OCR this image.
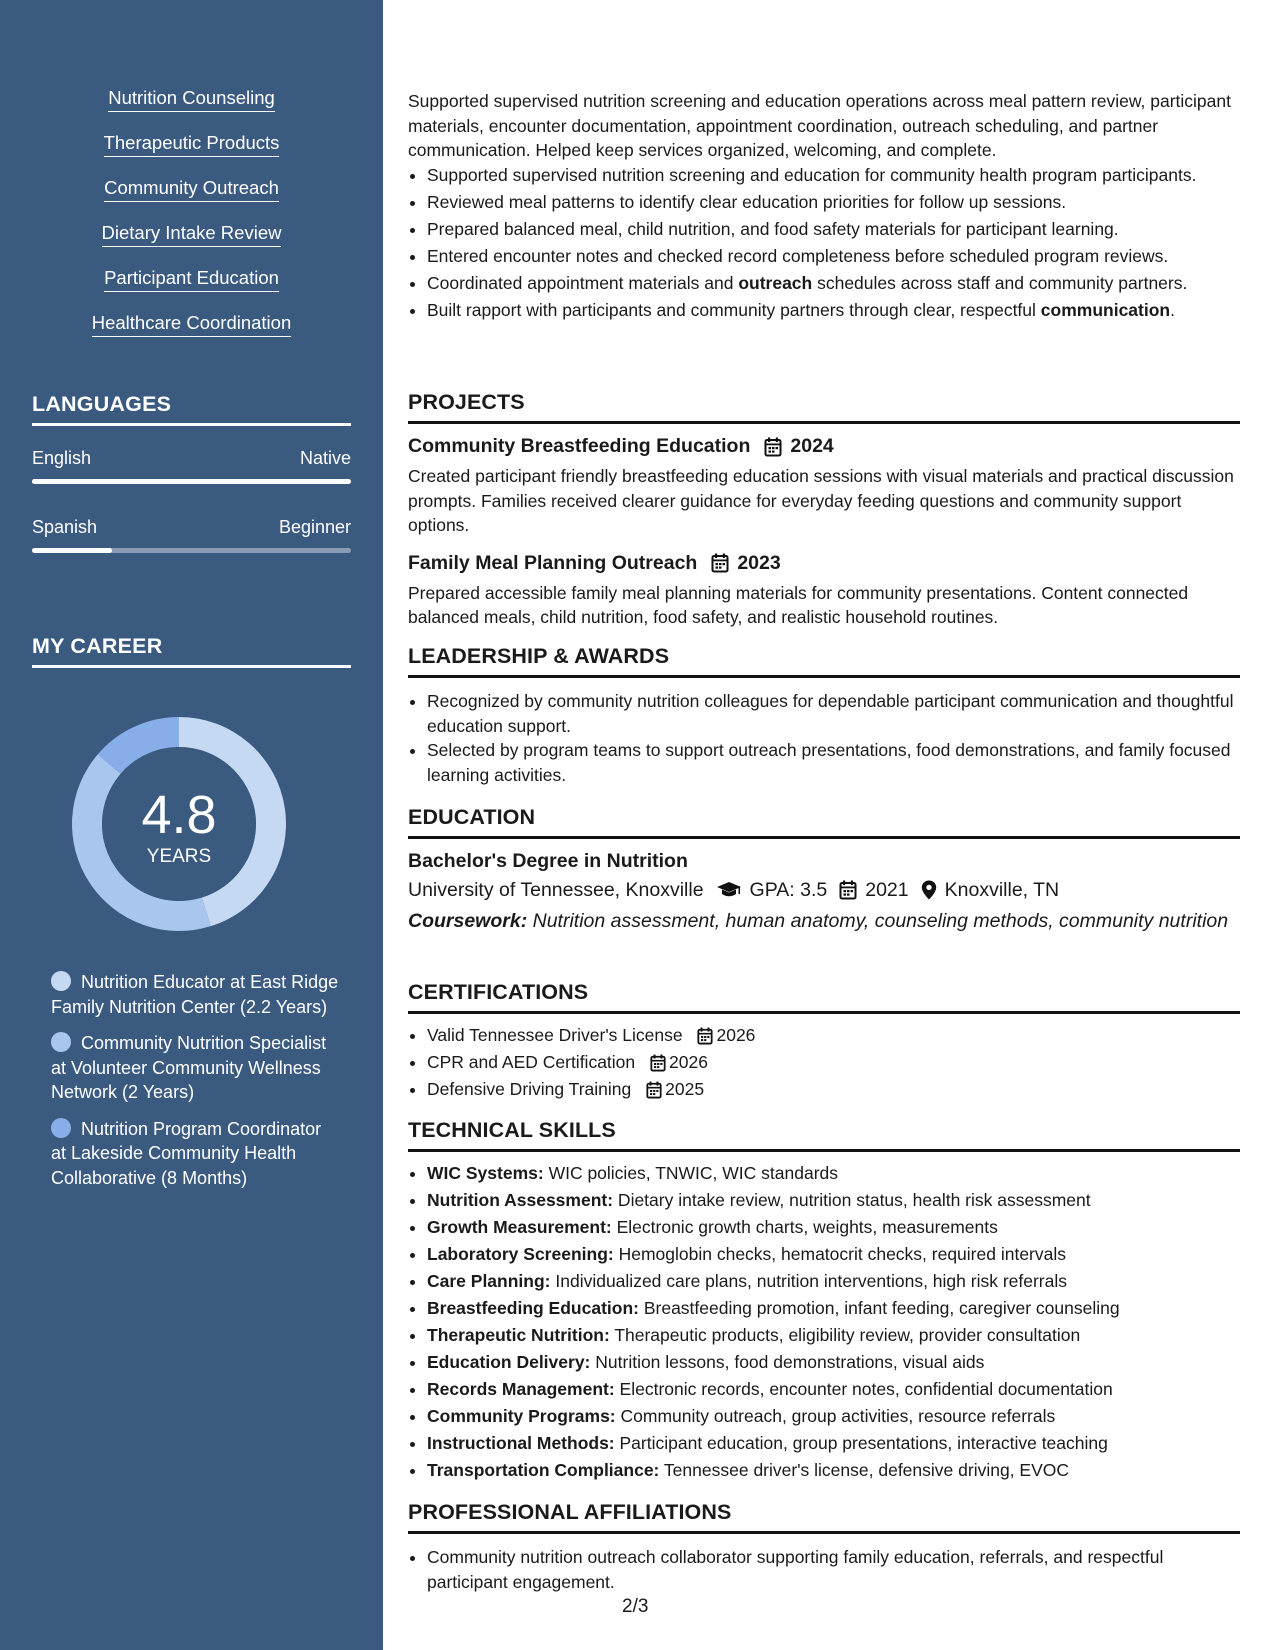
Nutrition Counseling
Therapeutic Products
Community Outreach
Dietary Intake Review
Participant Education
Healthcare Coordination
LANGUAGES
English	Native
Spanish	Beginner
MY CAREER
4.8
YEARS
Nutrition Educator at East Ridge Family Nutrition Center (2.2 Years)
Community Nutrition Specialist at Volunteer Community Wellness Network (2 Years)
Nutrition Program Coordinator at Lakeside Community Health Collaborative (8 Months)
Supported supervised nutrition screening and education operations across meal pattern review, participant materials, encounter documentation, appointment coordination, outreach scheduling, and partner communication. Helped keep services organized, welcoming, and complete.
• Supported supervised nutrition screening and education for community health program participants.
• Reviewed meal patterns to identify clear education priorities for follow up sessions.
• Prepared balanced meal, child nutrition, and food safety materials for participant learning.
• Entered encounter notes and checked record completeness before scheduled program reviews.
• Coordinated appointment materials and outreach schedules across staff and community partners.
• Built rapport with participants and community partners through clear, respectful communication.
PROJECTS
Community Breastfeeding Education 2024
Created participant friendly breastfeeding education sessions with visual materials and practical discussion prompts. Families received clearer guidance for everyday feeding questions and community support options.
Family Meal Planning Outreach 2023
Prepared accessible family meal planning materials for community presentations. Content connected balanced meals, child nutrition, food safety, and realistic household routines.
LEADERSHIP & AWARDS
• Recognized by community nutrition colleagues for dependable participant communication and thoughtful education support.
• Selected by program teams to support outreach presentations, food demonstrations, and family focused learning activities.
EDUCATION
Bachelor's Degree in Nutrition
University of Tennessee, Knoxville GPA: 3.5 2021 Knoxville, TN
Coursework: Nutrition assessment, human anatomy, counseling methods, community nutrition
CERTIFICATIONS
• Valid Tennessee Driver's License 2026
• CPR and AED Certification 2026
• Defensive Driving Training 2025
TECHNICAL SKILLS
• WIC Systems: WIC policies, TNWIC, WIC standards
• Nutrition Assessment: Dietary intake review, nutrition status, health risk assessment
• Growth Measurement: Electronic growth charts, weights, measurements
• Laboratory Screening: Hemoglobin checks, hematocrit checks, required intervals
• Care Planning: Individualized care plans, nutrition interventions, high risk referrals
• Breastfeeding Education: Breastfeeding promotion, infant feeding, caregiver counseling
• Therapeutic Nutrition: Therapeutic products, eligibility review, provider consultation
• Education Delivery: Nutrition lessons, food demonstrations, visual aids
• Records Management: Electronic records, encounter notes, confidential documentation
• Community Programs: Community outreach, group activities, resource referrals
• Instructional Methods: Participant education, group presentations, interactive teaching
• Transportation Compliance: Tennessee driver's license, defensive driving, EVOC
PROFESSIONAL AFFILIATIONS
• Community nutrition outreach collaborator supporting family education, referrals, and respectful participant engagement.
2/3
